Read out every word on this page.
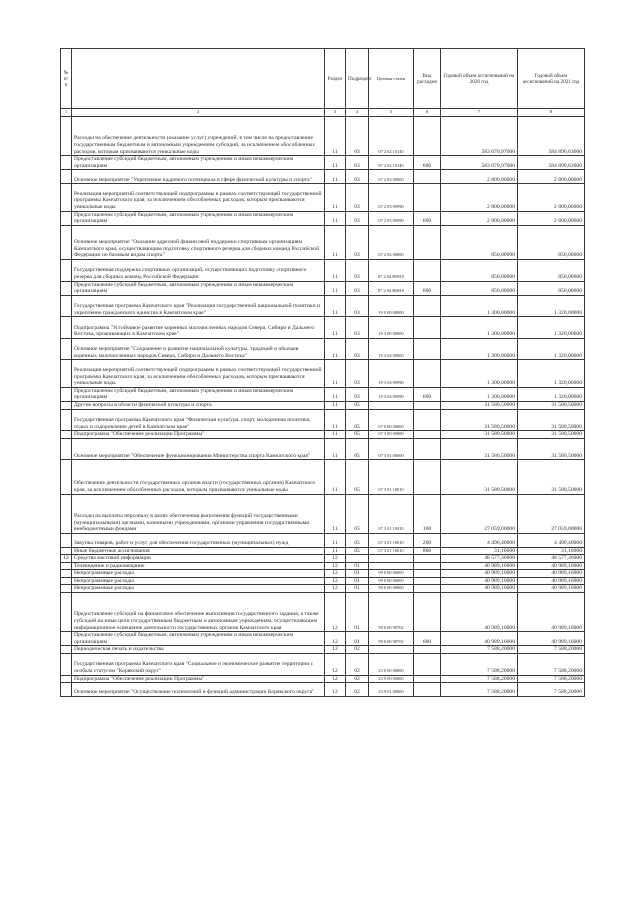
№ п/п		Раздел	Подраздел	Целевая статья	Вид расходов	Годовой объем ассигнований на 2020 год	Годовой объем ассигнований на 2021 год
1	2	3	4	5	6	7	8
	Расходы на обеспечение деятельности (оказание услуг) учреждений, в том числе на предоставление государственным бюджетным и автономным учреждениям субсидий, за исключением обособленных расходов, которым присваиваются уникальные коды	11	03	07 2 02 10140		583 070,97000	584 890,63000
	Предоставление субсидий бюджетным, автономным учреждениям и иным некоммерческим организациям	11	03	07 2 02 10140	600	583 070,97000	584 890,63000
	Основное мероприятие "Укрепление кадрового потенциала в сфере физической культуры и спорта"	11	03	07 2 03 00000		2 800,00000	2 800,00000
	Реализация мероприятий соответствующей подпрограммы в рамках соответствующей государственной программы Камчатского края, за исключением обособленных расходов, которым присваиваются уникальные коды	11	03	07 2 03 09990		2 800,00000	2 800,00000
	Предоставление субсидий бюджетным, автономным учреждениям и иным некоммерческим организациям	11	03	07 2 03 09990	600	2 800,00000	2 800,00000
	Основное мероприятие "Оказание адресной финансовой поддержки спортивным организациям Камчатского края, осуществляющим подготовку спортивного резерва для сборных команд Российской Федерации по базовым видам спорта"	11	03	07 2 04 00000		850,00000	850,00000
	Государственная поддержка спортивных организаций, осуществляющих подготовку спортивного резерва для сборных команд Российской Федерации	11	03	07 2 04 R0810		850,00000	850,00000
	Предоставление субсидий бюджетным, автономным учреждениям и иным некоммерческим организациям	11	03	07 2 04 R0810	600	850,00000	850,00000
	Государственная программа Камчатского края "Реализация государственной национальной политики и укрепление гражданского единства в Камчатском крае"	11	03	19 0 00 00000		1 300,00000	1 320,00000
	Подпрограмма "Устойчивое развитие коренных малочисленных народов Севера, Сибири и Дальнего Востока, проживающих в Камчатском крае"	11	03	19 3 00 00000		1 300,00000	1 320,00000
	Основное мероприятие "Сохранение и развитие национальной культуры, традиций и обычаев коренных малочисленных народов Севера, Сибири и Дальнего Востока"	11	03	19 3 04 00000		1 300,00000	1 320,00000
	Реализация мероприятий соответствующей подпрограммы в рамках соответствующей государственной программы Камчатского края, за исключением обособленных расходов, которым присваиваются уникальные коды	11	03	19 3 04 09990		1 300,00000	1 320,00000
	Предоставление субсидий бюджетным, автономным учреждениям и иным некоммерческим организациям	11	03	19 3 04 09990	600	1 300,00000	1 320,00000
	Другие вопросы в области физической культуры и спорта	11	05			31 580,50000	31 580,50000
	Государственная программа Камчатского края "Физическая культура, спорт, молодежная политика, отдых и оздоровление детей в Камчатском крае"	11	05	07 0 00 00000		31 580,50000	31 580,50000
	Подпрограмма "Обеспечение реализации Программы"	11	05	07 3 00 00000		31 580,50000	31 580,50000
	Основное мероприятие "Обеспечение функционирования Министерства спорта Камчатского края"	11	05	07 3 01 00000		31 580,50000	31 580,50000
	Обеспечение деятельности государственных органов власти (государственных органов) Камчатского края, за исключением обособленных расходов, которым присваиваются уникальные коды	11	05	07 3 01 10010		31 580,50000	31 580,50000
	Расходы на выплаты персоналу в целях обеспечения выполнения функций государственными (муниципальными) органами, казенными учреждениями, органами управления государственными внебюджетными фондами	11	05	07 3 01 10010	100	27 059,00000	27 059,00000
	Закупка товаров, работ и услуг для обеспечения государственных (муниципальных) нужд	11	05	07 3 01 10010	200	4 490,40000	4 490,40000
	Иные бюджетные ассигнования	11	05	07 3 01 10010	800	31,10000	31,10000
12	Средства массовой информации	12				48 577,36000	48 577,36000
	Телевидение и радиовещание	12	01			40 989,16000	40 989,16000
	Непрограммные расходы	12	01	99 0 00 00000		40 989,16000	40 989,16000
	Непрограммные расходы	12	01	99 0 00 00000		40 989,16000	40 989,16000
	Непрограммные расходы	12	01	99 0 00 00000		40 989,16000	40 989,16000
	Предоставление субсидий на финансовое обеспечение выполнения государственного задания, а также субсидий на иные цели государственным бюджетным и автономным учреждениям, осуществляющим информационное освещение деятельности государственных органов Камчатского края	12	01	99 0 00 98702		40 989,16000	40 989,16000
	Предоставление субсидий бюджетным, автономным учреждениям и иным некоммерческим организациям	12	01	99 0 00 98702	600	40 989,16000	40 989,16000
	Периодическая печать и издательства	12	02			7 588,20000	7 588,20000
	Государственная программа Камчатского края "Социальное и экономическое развитие территории с особым статусом "Корякский округ"	12	02	23 0 00 00000		7 588,20000	7 588,20000
	Подпрограмма "Обеспечение реализации Программы"	12	02	23 9 00 00000		7 588,20000	7 588,20000
	Основное мероприятие "Осуществление полномочий и функций администрации Корякского округа"	12	02	23 9 01 00000		7 588,20000	7 588,20000
